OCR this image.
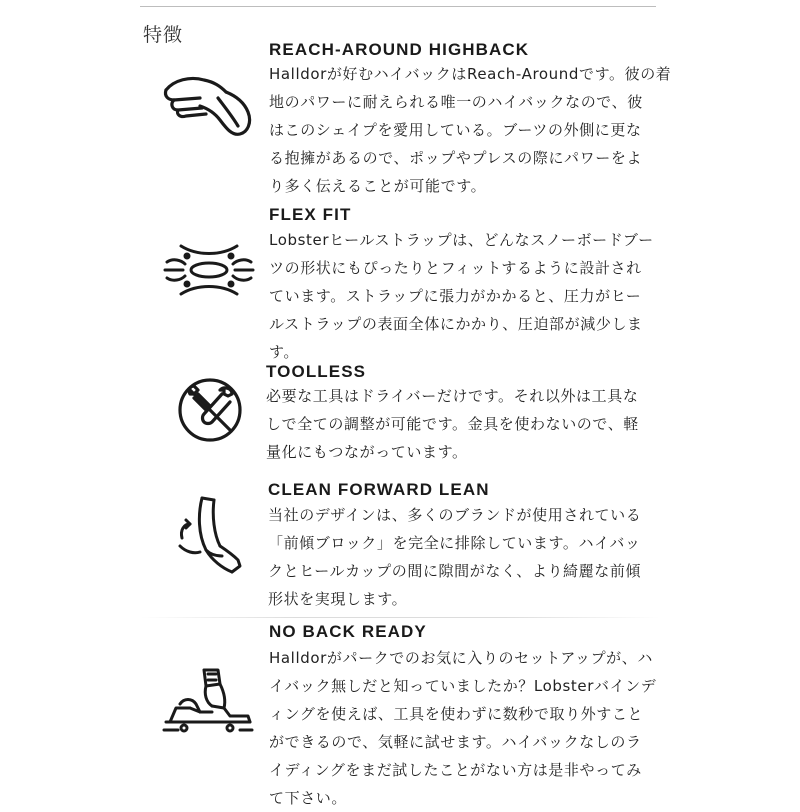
特徴
REACH-AROUND HIGHBACK
Halldorが好むハイバックはReach-Aroundです。彼の着
地のパワーに耐えられる唯一のハイバックなので、彼
はこのシェイプを愛用している。ブーツの外側に更な
る抱擁があるので、ポップやプレスの際にパワーをよ
り多く伝えることが可能です。
FLEX FIT
Lobsterヒールストラップは、どんなスノーボードブー
ツの形状にもぴったりとフィットするように設計され
ています。ストラップに張力がかかると、圧力がヒー
ルストラップの表面全体にかかり、圧迫部が減少しま
す。
TOOLLESS
必要な工具はドライバーだけです。それ以外は工具な
しで全ての調整が可能です。金具を使わないので、軽
量化にもつながっています。
CLEAN FORWARD LEAN
当社のデザインは、多くのブランドが使用されている
「前傾ブロック」を完全に排除しています。ハイバッ
クとヒールカップの間に隙間がなく、より綺麗な前傾
形状を実現します。
NO BACK READY
Halldorがパークでのお気に入りのセットアップが、ハ
イバック無しだと知っていましたか？Lobsterバインデ
ィングを使えば、工具を使わずに数秒で取り外すこと
ができるので、気軽に試せます。ハイバックなしのラ
イディングをまだ試したことがない方は是非やってみ
て下さい。
